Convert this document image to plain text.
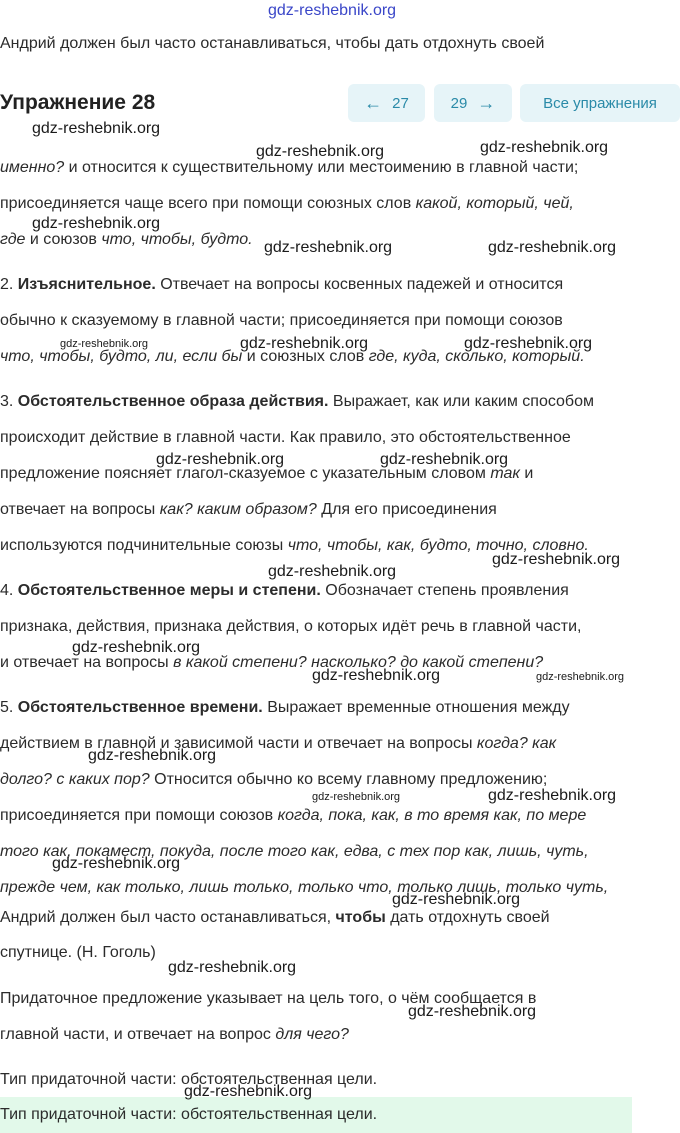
gdz-reshebnik.org
Андрий должен был часто останавливаться, чтобы дать отдохнуть своей
Упражнение 28	← 27	29 →	Все упражнения
именно? и относится к существительному или местоимению в главной части;
присоединяется чаще всего при помощи союзных слов какой, который, чей,
где и союзов что, чтобы, будто.
2. Изъяснительное. Отвечает на вопросы косвенных падежей и относится
обычно к сказуемому в главной части; присоединяется при помощи союзов
что, чтобы, будто, ли, если бы и союзных слов где, куда, сколько, который.
3. Обстоятельственное образа действия. Выражает, как или каким способом
происходит действие в главной части. Как правило, это обстоятельственное
предложение поясняет глагол-сказуемое с указательным словом так и
отвечает на вопросы как? каким образом? Для его присоединения
используются подчинительные союзы что, чтобы, как, будто, точно, словно.
4. Обстоятельственное меры и степени. Обозначает степень проявления
признака, действия, признака действия, о которых идёт речь в главной части,
и отвечает на вопросы в какой степени? насколько? до какой степени?
5. Обстоятельственное времени. Выражает временные отношения между
действием в главной и зависимой части и отвечает на вопросы когда? как
долго? с каких пор? Относится обычно ко всему главному предложению;
присоединяется при помощи союзов когда, пока, как, в то время как, по мере
того как, покамест, покуда, после того как, едва, с тех пор как, лишь, чуть,
прежде чем, как только, лишь только, только что, только лишь, только чуть,
Андрий должен был часто останавливаться, чтобы дать отдохнуть своей
спутнице. (Н. Гоголь)
Придаточное предложение указывает на цель того, о чём сообщается в
главной части, и отвечает на вопрос для чего?
Тип придаточной части: обстоятельственная цели.
Тип придаточной части: обстоятельственная цели.
gdz-reshebnik.org
gdz-reshebnik.org
gdz-reshebnik.org
gdz-reshebnik.org
gdz-reshebnik.org	gdz-reshebnik.org
gdz-reshebnik.org	gdz-reshebnik.org	gdz-reshebnik.org
gdz-reshebnik.org	gdz-reshebnik.org
gdz-reshebnik.org
gdz-reshebnik.org
gdz-reshebnik.org
gdz-reshebnik.org	gdz-reshebnik.org
gdz-reshebnik.org
gdz-reshebnik.org	gdz-reshebnik.org
gdz-reshebnik.org
gdz-reshebnik.org
gdz-reshebnik.org
gdz-reshebnik.org
gdz-reshebnik.org
